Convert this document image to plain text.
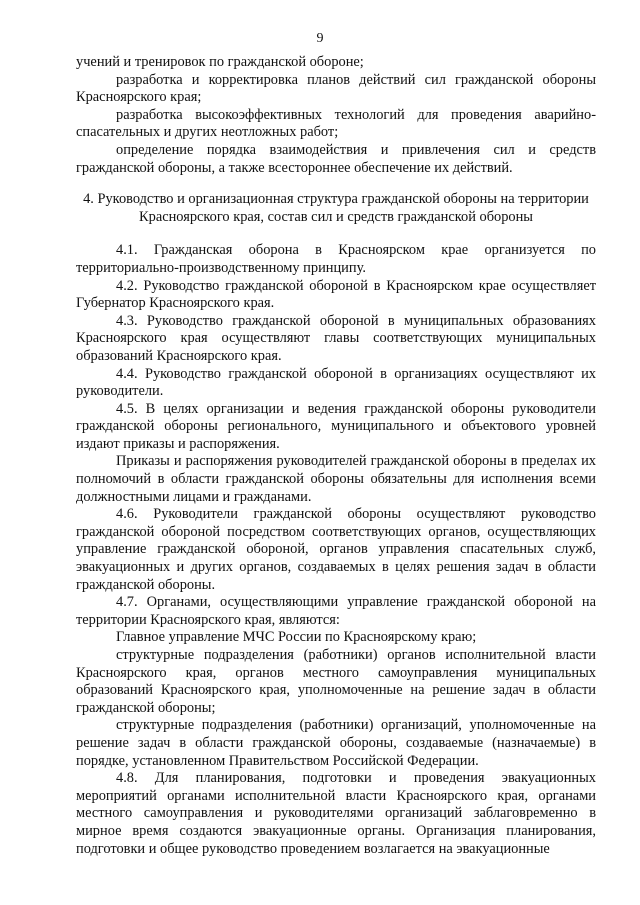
9

учений и тренировок по гражданской обороне;

разработка и корректировка планов действий сил гражданской обороны Красноярского края;

разработка высокоэффективных технологий для проведения аварийно-спасательных и других неотложных работ;

определение порядка взаимодействия и привлечения сил и средств гражданской обороны, а также всестороннее обеспечение их действий.

4. Руководство и организационная структура гражданской обороны на территории
Красноярского края, состав сил и средств гражданской обороны

4.1. Гражданская оборона в Красноярском крае организуется по территориально-производственному принципу.

4.2. Руководство гражданской обороной в Красноярском крае осуществляет Губернатор Красноярского края.

4.3. Руководство гражданской обороной в муниципальных образованиях Красноярского края осуществляют главы соответствующих муниципальных образований Красноярского края.

4.4. Руководство гражданской обороной в организациях осуществляют их руководители.

4.5. В целях организации и ведения гражданской обороны руководители гражданской обороны регионального, муниципального и объектового уровней издают приказы и распоряжения.

Приказы и распоряжения руководителей гражданской обороны в пределах их полномочий в области гражданской обороны обязательны для исполнения всеми должностными лицами и гражданами.

4.6. Руководители гражданской обороны осуществляют руководство гражданской обороной посредством соответствующих органов, осуществляющих управление гражданской обороной, органов управления спасательных служб, эвакуационных и других органов, создаваемых в целях решения задач в области гражданской обороны.

4.7. Органами, осуществляющими управление гражданской обороной на территории Красноярского края, являются:

Главное управление МЧС России по Красноярскому краю;

структурные подразделения (работники) органов исполнительной власти Красноярского края, органов местного самоуправления муниципальных образований Красноярского края, уполномоченные на решение задач в области гражданской обороны;

структурные подразделения (работники) организаций, уполномоченные на решение задач в области гражданской обороны, создаваемые (назначаемые) в порядке, установленном Правительством Российской Федерации.

4.8. Для планирования, подготовки и проведения эвакуационных мероприятий органами исполнительной власти Красноярского края, органами местного самоуправления и руководителями организаций заблаговременно в мирное время создаются эвакуационные органы. Организация планирования, подготовки и общее руководство проведением возлагается на эвакуационные
